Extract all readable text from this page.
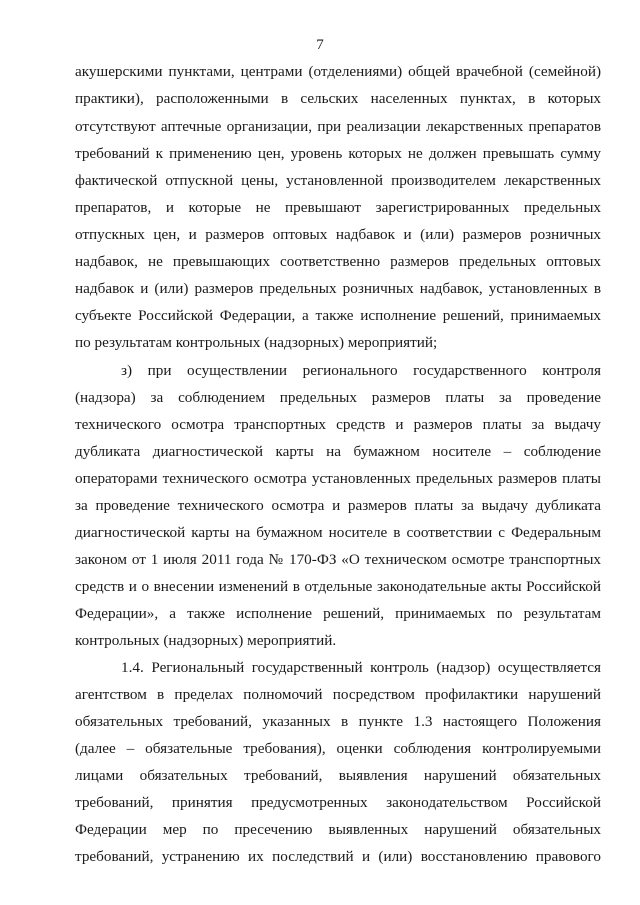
7
акушерскими пунктами, центрами (отделениями) общей врачебной (семейной)
практики), расположенными в сельских населенных пунктах, в которых
отсутствуют аптечные организации, при реализации лекарственных препаратов
требований к применению цен, уровень которых не должен превышать сумму
фактической отпускной цены, установленной производителем лекарственных
препаратов, и которые не превышают зарегистрированных предельных
отпускных цен, и размеров оптовых надбавок и (или) размеров розничных
надбавок, не превышающих соответственно размеров предельных оптовых
надбавок и (или) размеров предельных розничных надбавок, установленных в
субъекте Российской Федерации, а также исполнение решений, принимаемых
по результатам контрольных (надзорных) мероприятий;
з) при осуществлении регионального государственного контроля
(надзора) за соблюдением предельных размеров платы за проведение
технического осмотра транспортных средств и размеров платы за выдачу
дубликата диагностической карты на бумажном носителе – соблюдение
операторами технического осмотра установленных предельных размеров платы
за проведение технического осмотра и размеров платы за выдачу дубликата
диагностической карты на бумажном носителе в соответствии с Федеральным
законом от 1 июля 2011 года № 170-ФЗ «О техническом осмотре транспортных
средств и о внесении изменений в отдельные законодательные акты Российской
Федерации», а также исполнение решений, принимаемых по результатам
контрольных (надзорных) мероприятий.
1.4. Региональный государственный контроль (надзор) осуществляется
агентством в пределах полномочий посредством профилактики нарушений
обязательных требований, указанных в пункте 1.3 настоящего Положения
(далее – обязательные требования), оценки соблюдения контролируемыми
лицами обязательных требований, выявления нарушений обязательных
требований, принятия предусмотренных законодательством Российской
Федерации мер по пресечению выявленных нарушений обязательных
требований, устранению их последствий и (или) восстановлению правового
